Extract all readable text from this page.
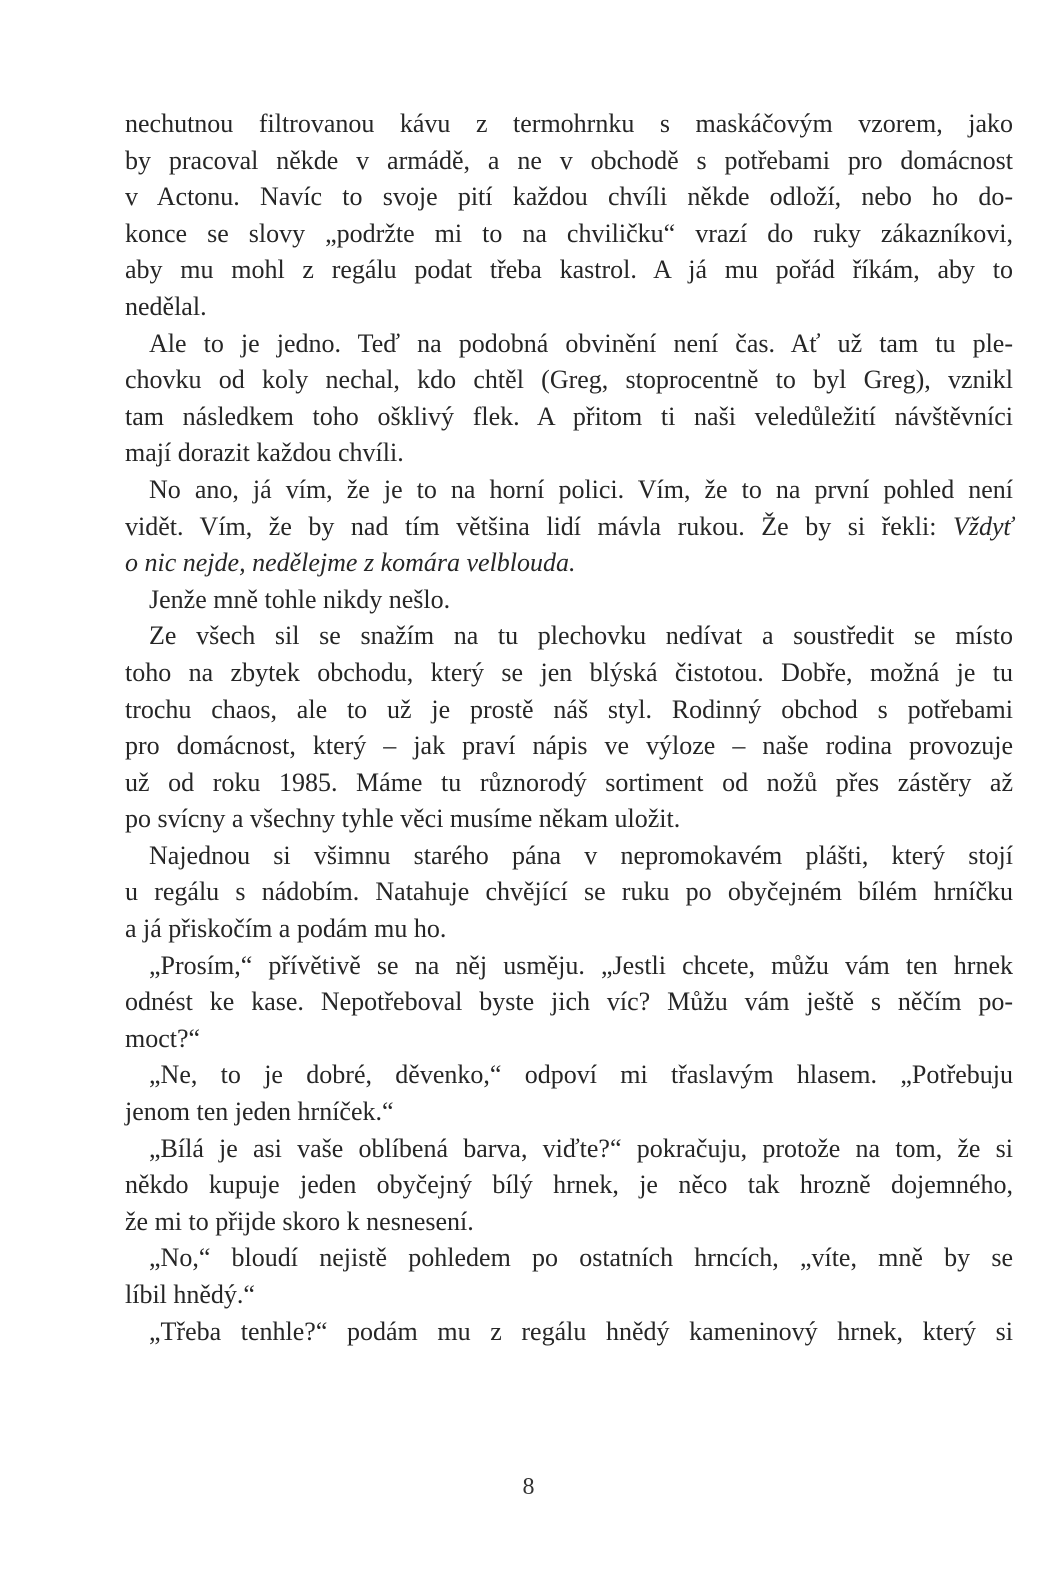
nechutnou filtrovanou kávu z termohrnku s maskáčovým vzorem, jako
by pracoval někde v armádě, a ne v obchodě s potřebami pro domácnost
v Actonu. Navíc to svoje pití každou chvíli někde odloží, nebo ho do-
konce se slovy „podržte mi to na chviličku“ vrazí do ruky zákazníkovi,
aby mu mohl z regálu podat třeba kastrol. A já mu pořád říkám, aby to
nedělal.
Ale to je jedno. Teď na podobná obvinění není čas. Ať už tam tu ple-
chovku od koly nechal, kdo chtěl (Greg, stoprocentně to byl Greg), vznikl
tam následkem toho ošklivý flek. A přitom ti naši veledůležití návštěvníci
mají dorazit každou chvíli.
No ano, já vím, že je to na horní polici. Vím, že to na první pohled není
vidět. Vím, že by nad tím většina lidí mávla rukou. Že by si řekli: Vždyť
o nic nejde, nedělejme z komára velblouda.
Jenže mně tohle nikdy nešlo.
Ze všech sil se snažím na tu plechovku nedívat a soustředit se místo
toho na zbytek obchodu, který se jen blýská čistotou. Dobře, možná je tu
trochu chaos, ale to už je prostě náš styl. Rodinný obchod s potřebami
pro domácnost, který – jak praví nápis ve výloze – naše rodina provozuje
už od roku 1985. Máme tu různorodý sortiment od nožů přes zástěry až
po svícny a všechny tyhle věci musíme někam uložit.
Najednou si všimnu starého pána v nepromokavém plášti, který stojí
u regálu s nádobím. Natahuje chvějící se ruku po obyčejném bílém hrníčku
a já přiskočím a podám mu ho.
„Prosím,“ přívětivě se na něj usměju. „Jestli chcete, můžu vám ten hrnek
odnést ke kase. Nepotřeboval byste jich víc? Můžu vám ještě s něčím po-
moct?“
„Ne, to je dobré, děvenko,“ odpoví mi třaslavým hlasem. „Potřebuju
jenom ten jeden hrníček.“
„Bílá je asi vaše oblíbená barva, viďte?“ pokračuju, protože na tom, že si
někdo kupuje jeden obyčejný bílý hrnek, je něco tak hrozně dojemného,
že mi to přijde skoro k nesnesení.
„No,“ bloudí nejistě pohledem po ostatních hrncích, „víte, mně by se
líbil hnědý.“
„Třeba tenhle?“ podám mu z regálu hnědý kameninový hrnek, který si
8
